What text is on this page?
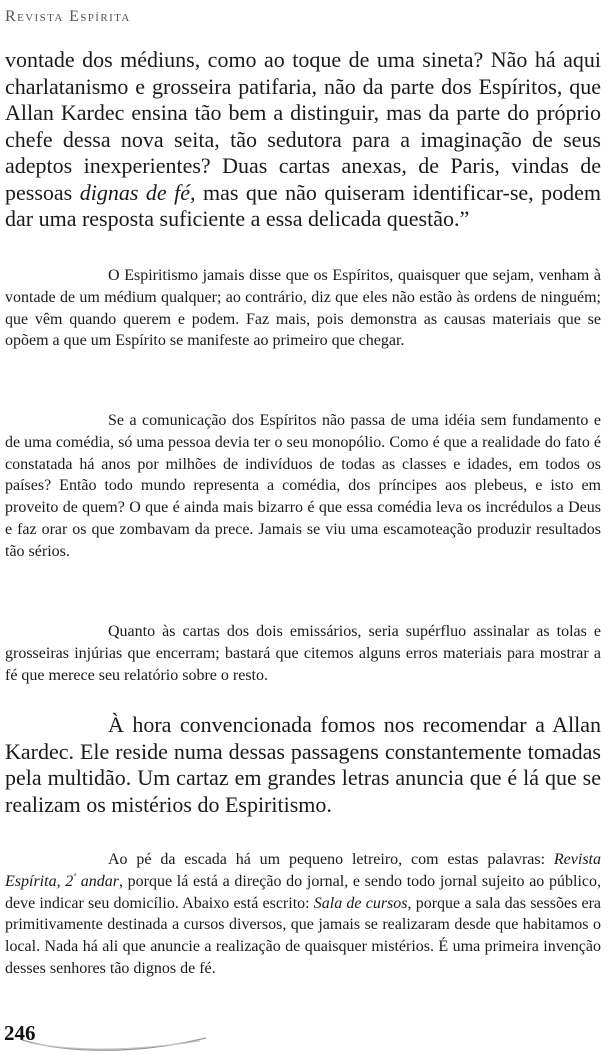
Revista Espírita
vontade dos médiuns, como ao toque de uma sineta? Não há aqui charlatanismo e grosseira patifaria, não da parte dos Espíritos, que Allan Kardec ensina tão bem a distinguir, mas da parte do próprio chefe dessa nova seita, tão sedutora para a imaginação de seus adeptos inexperientes? Duas cartas anexas, de Paris, vindas de pessoas dignas de fé, mas que não quiseram identificar-se, podem dar uma resposta suficiente a essa delicada questão.”
O Espiritismo jamais disse que os Espíritos, quaisquer que sejam, venham à vontade de um médium qualquer; ao contrário, diz que eles não estão às ordens de ninguém; que vêm quando querem e podem. Faz mais, pois demonstra as causas materiais que se opõem a que um Espírito se manifeste ao primeiro que chegar.
Se a comunicação dos Espíritos não passa de uma idéia sem fundamento e de uma comédia, só uma pessoa devia ter o seu monopólio. Como é que a realidade do fato é constatada há anos por milhões de indivíduos de todas as classes e idades, em todos os países? Então todo mundo representa a comédia, dos príncipes aos plebeus, e isto em proveito de quem? O que é ainda mais bizarro é que essa comédia leva os incrédulos a Deus e faz orar os que zombavam da prece. Jamais se viu uma escamoteação produzir resultados tão sérios.
Quanto às cartas dos dois emissários, seria supérfluo assinalar as tolas e grosseiras injúrias que encerram; bastará que citemos alguns erros materiais para mostrar a fé que merece seu relatório sobre o resto.
À hora convencionada fomos nos recomendar a Allan Kardec. Ele reside numa dessas passagens constantemente tomadas pela multidão. Um cartaz em grandes letras anuncia que é lá que se realizam os mistérios do Espiritismo.
Ao pé da escada há um pequeno letreiro, com estas palavras: Revista Espírita, $2^º$ andar, porque lá está a direção do jornal, e sendo todo jornal sujeito ao público, deve indicar seu domicílio. Abaixo está escrito: Sala de cursos, porque a sala das sessões era primitivamente destinada a cursos diversos, que jamais se realizaram desde que habitamos o local. Nada há ali que anuncie a realização de quaisquer mistérios. É uma primeira invenção desses senhores tão dignos de fé.
246
